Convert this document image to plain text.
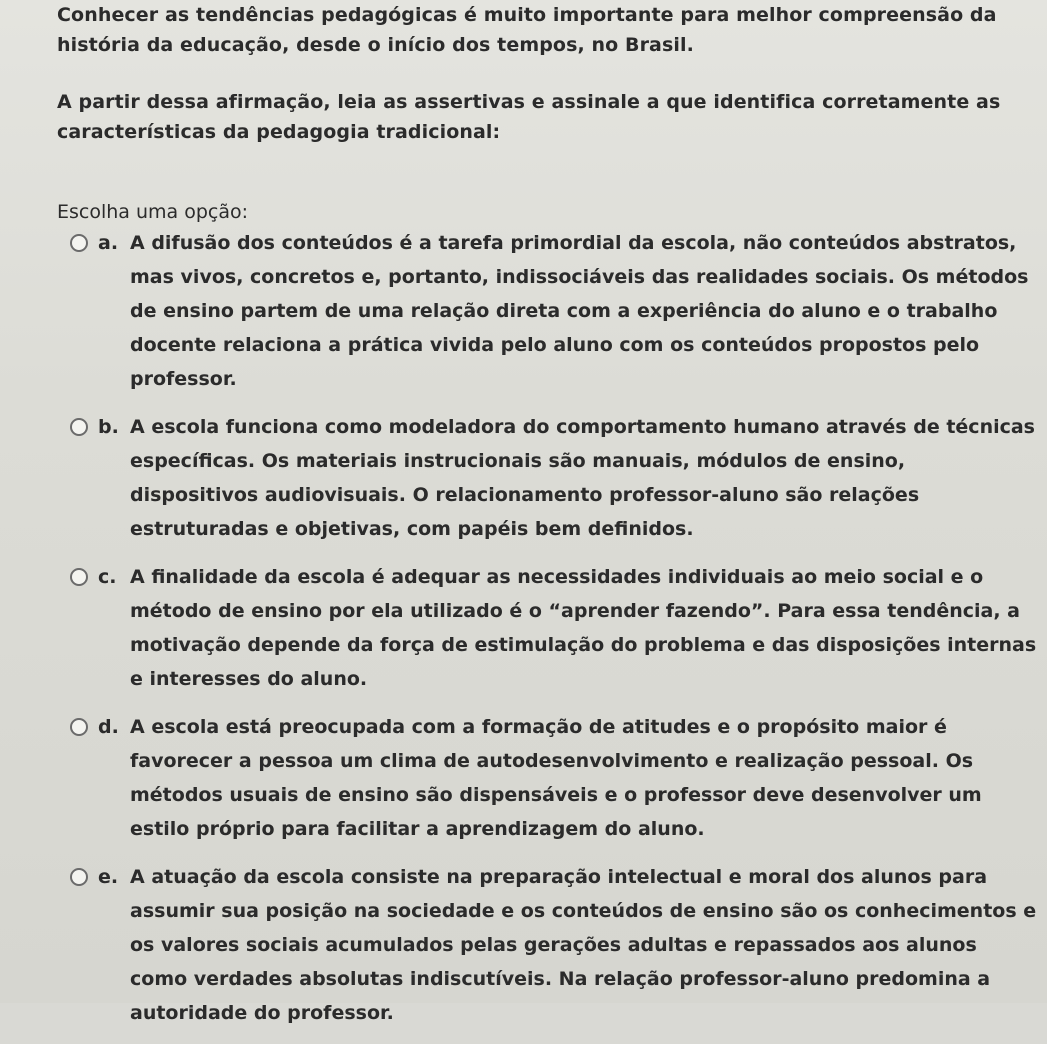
Conhecer as tendências pedagógicas é muito importante para melhor compreensão da história da educação, desde o início dos tempos, no Brasil.
A partir dessa afirmação, leia as assertivas e assinale a que identifica corretamente as características da pedagogia tradicional:
Escolha uma opção:
a. A difusão dos conteúdos é a tarefa primordial da escola, não conteúdos abstratos, mas vivos, concretos e, portanto, indissociáveis das realidades sociais. Os métodos de ensino partem de uma relação direta com a experiência do aluno e o trabalho docente relaciona a prática vivida pelo aluno com os conteúdos propostos pelo professor.
b. A escola funciona como modeladora do comportamento humano através de técnicas específicas. Os materiais instrucionais são manuais, módulos de ensino, dispositivos audiovisuais. O relacionamento professor-aluno são relações estruturadas e objetivas, com papéis bem definidos.
c. A finalidade da escola é adequar as necessidades individuais ao meio social e o método de ensino por ela utilizado é o “aprender fazendo”. Para essa tendência, a motivação depende da força de estimulação do problema e das disposições internas e interesses do aluno.
d. A escola está preocupada com a formação de atitudes e o propósito maior é favorecer a pessoa um clima de autodesenvolvimento e realização pessoal. Os métodos usuais de ensino são dispensáveis e o professor deve desenvolver um estilo próprio para facilitar a aprendizagem do aluno.
e. A atuação da escola consiste na preparação intelectual e moral dos alunos para assumir sua posição na sociedade e os conteúdos de ensino são os conhecimentos e os valores sociais acumulados pelas gerações adultas e repassados aos alunos como verdades absolutas indiscutíveis. Na relação professor-aluno predomina a autoridade do professor.
